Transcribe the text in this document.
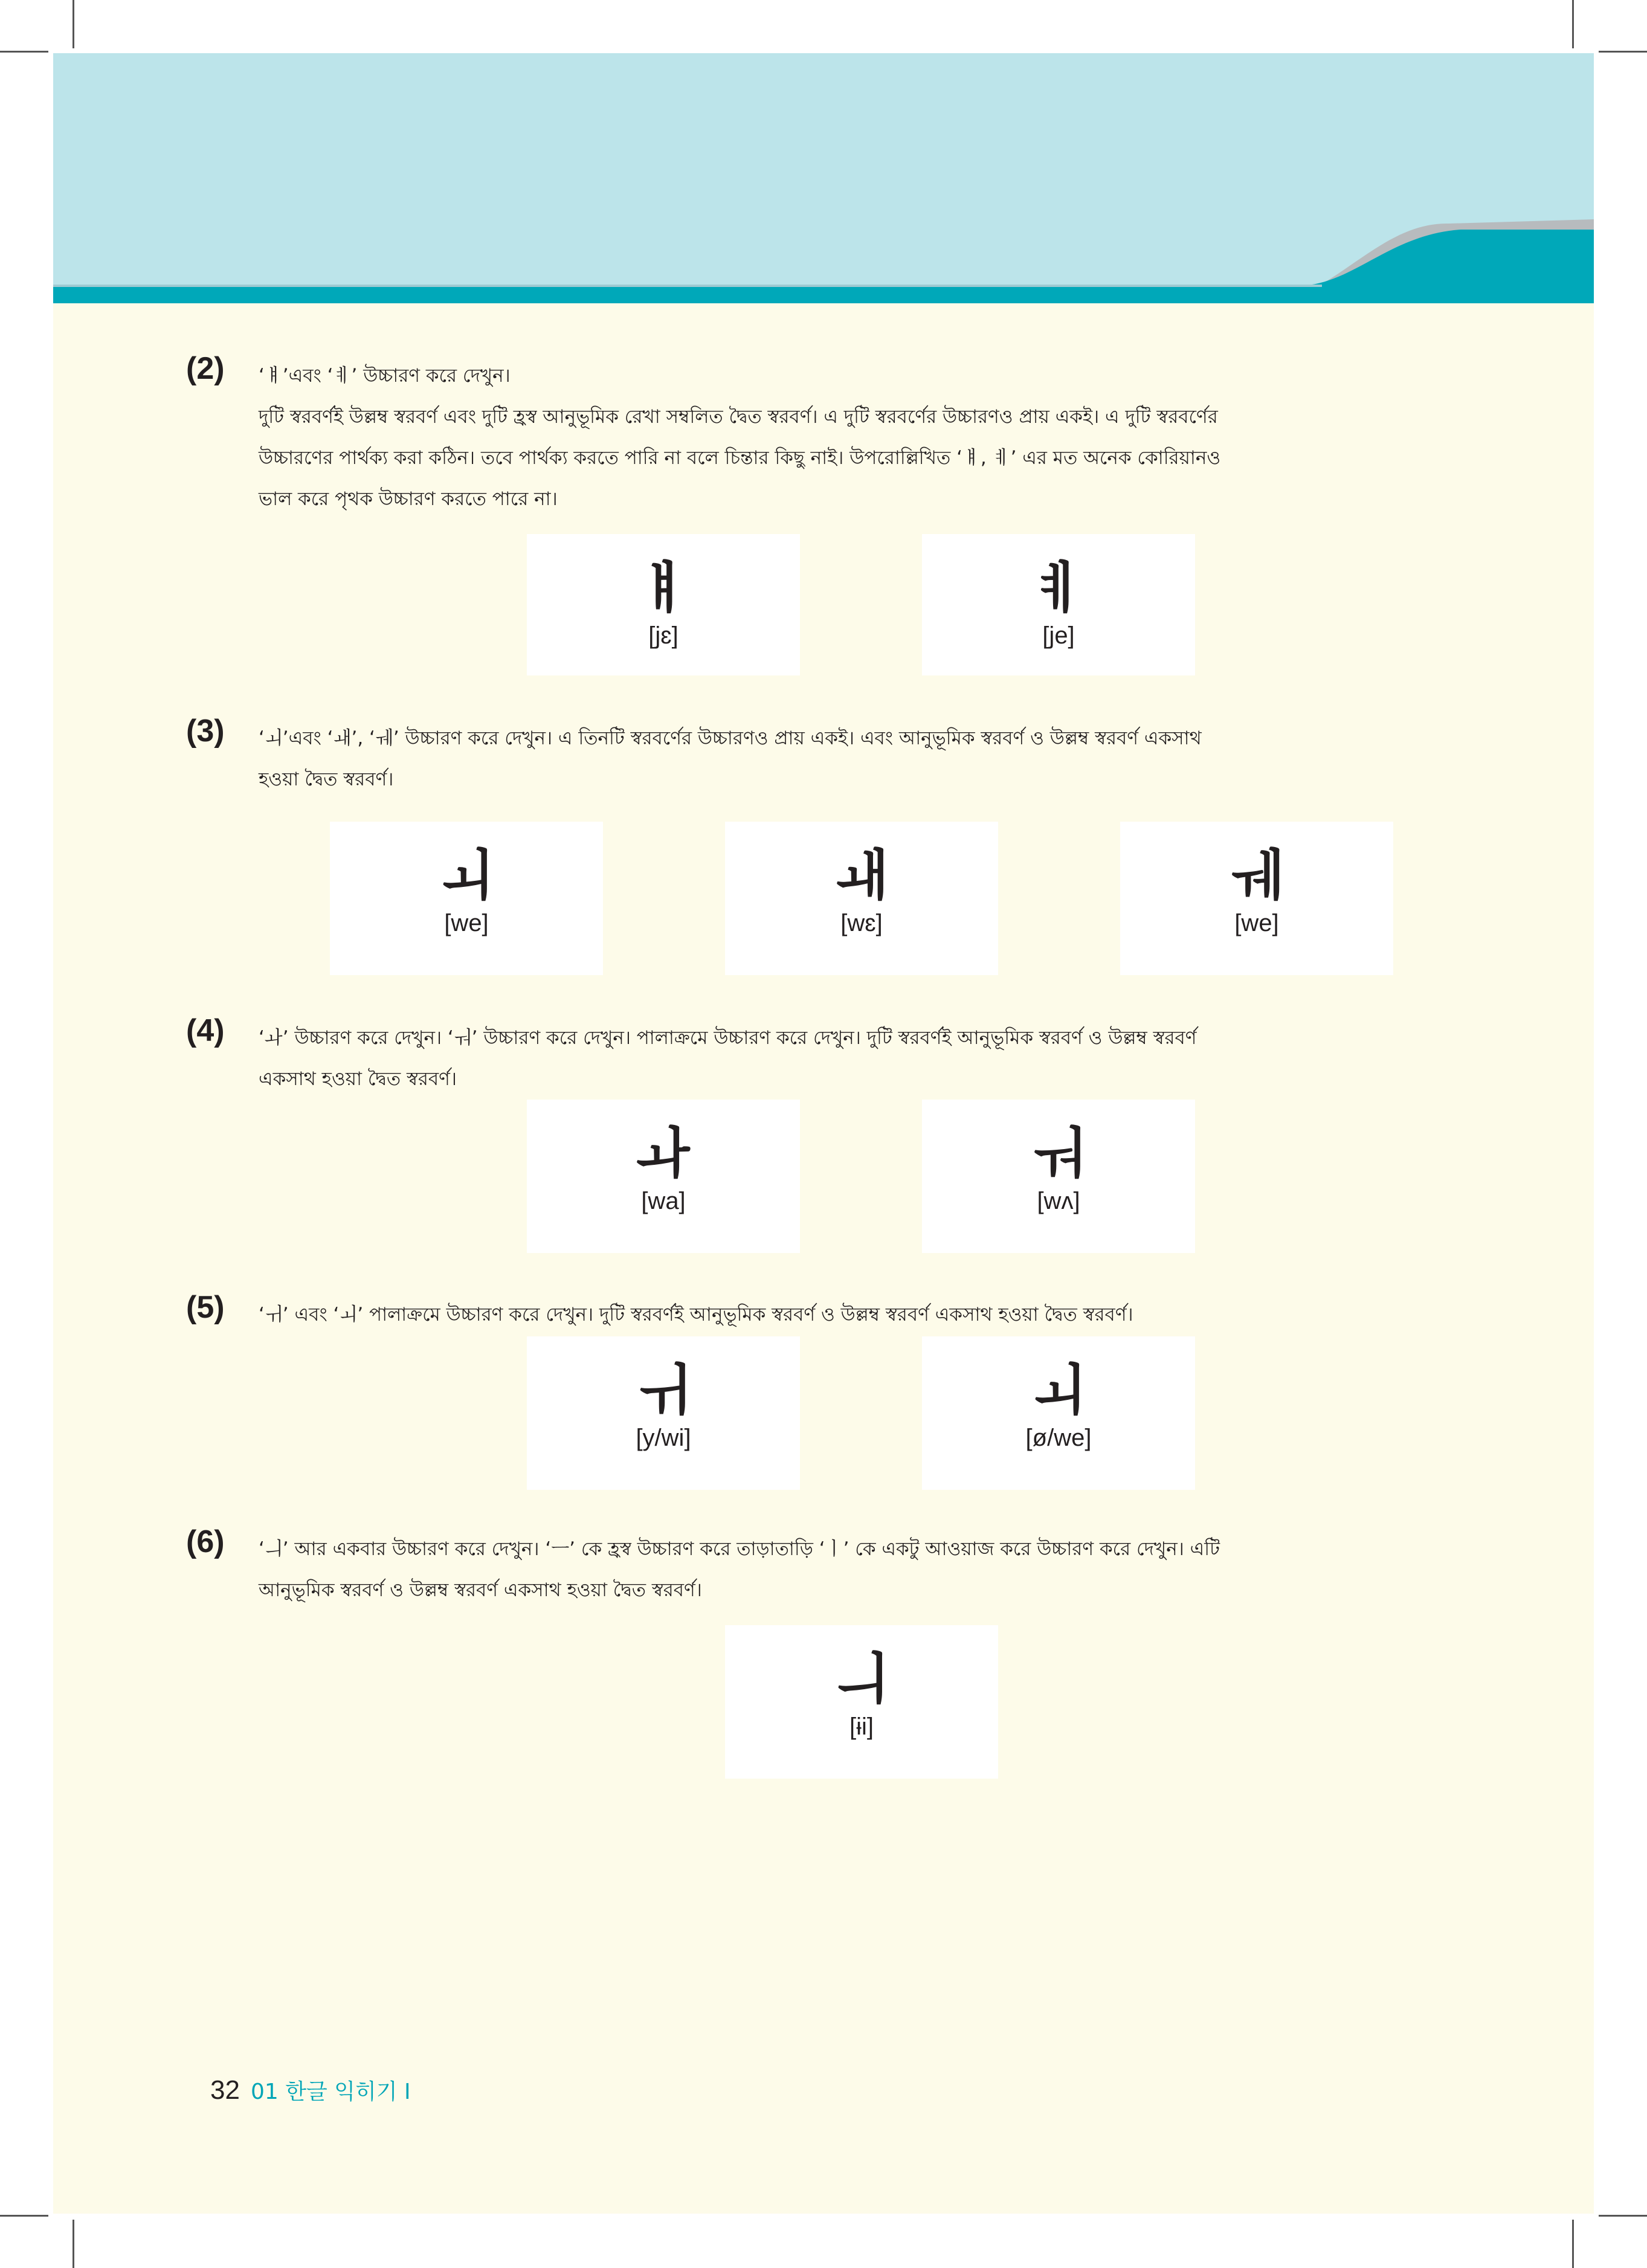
(2)	‘ㅒ’এবং ‘ㅖ’ উচ্চারণ করে দেখুন।
দুটি স্বরবর্ণই উল্লম্ব স্বরবর্ণ এবং দুটি হ্রস্ব আনুভূমিক রেখা সম্বলিত দ্বৈত স্বরবর্ণ। এ দুটি স্বরবর্ণের উচ্চারণও প্রায় একই। এ দুটি স্বরবর্ণের
উচ্চারণের পার্থক্য করা কঠিন। তবে পার্থক্য করতে পারি না বলে চিন্তার কিছু নাই। উপরোল্লিখিত ‘ㅒ, ㅖ’ এর মত অনেক কোরিয়ানও
ভাল করে পৃথক উচ্চারণ করতে পারে না।
ㅒ
[jɛ]
ㅖ
[je]
(3)	‘ㅚ’এবং ‘ㅙ’, ‘ㅞ’ উচ্চারণ করে দেখুন। এ তিনটি স্বরবর্ণের উচ্চারণও প্রায় একই। এবং আনুভূমিক স্বরবর্ণ ও উল্লম্ব স্বরবর্ণ একসাথ
হওয়া দ্বৈত স্বরবর্ণ।
ㅚ
[we]
ㅙ
[wɛ]
ㅞ
[we]
(4)	‘ㅘ’ উচ্চারণ করে দেখুন। ‘ㅝ’ উচ্চারণ করে দেখুন। পালাক্রমে উচ্চারণ করে দেখুন। দুটি স্বরবর্ণই আনুভূমিক স্বরবর্ণ ও উল্লম্ব স্বরবর্ণ
একসাথ হওয়া দ্বৈত স্বরবর্ণ।
ㅘ
[wa]
ㅝ
[wʌ]
(5)	‘ㅟ’ এবং ‘ㅚ’ পালাক্রমে উচ্চারণ করে দেখুন। দুটি স্বরবর্ণই আনুভূমিক স্বরবর্ণ ও উল্লম্ব স্বরবর্ণ একসাথ হওয়া দ্বৈত স্বরবর্ণ।
ㅟ
[y/wi]
ㅚ
[ø/we]
(6)	‘ㅢ’ আর একবার উচ্চারণ করে দেখুন। ‘ㅡ’ কে হ্রস্ব উচ্চারণ করে তাড়াতাড়ি ‘ㅣ’ কে একটু আওয়াজ করে উচ্চারণ করে দেখুন। এটি
আনুভূমিক স্বরবর্ণ ও উল্লম্ব স্বরবর্ণ একসাথ হওয়া দ্বৈত স্বরবর্ণ।
ㅢ
[ɨi]
32 01 한글 익히기 I
